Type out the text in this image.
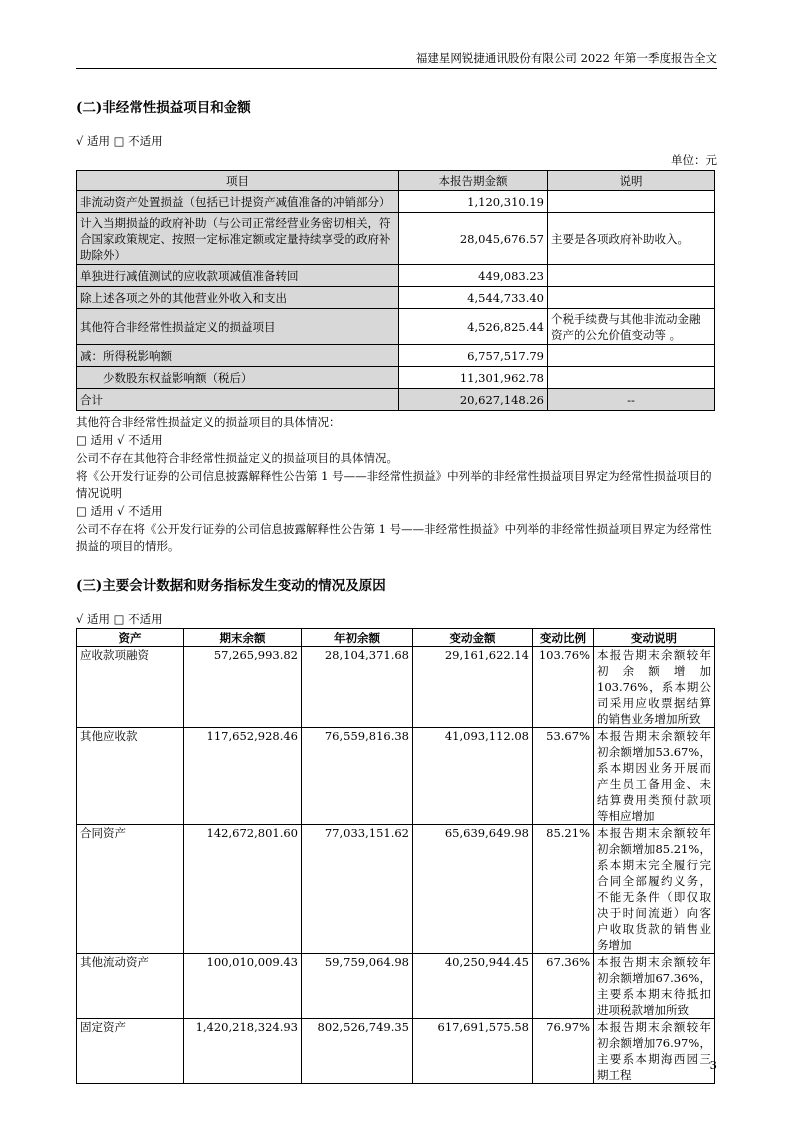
福建星网锐捷通讯股份有限公司 2022 年第一季度报告全文
(二)非经常性损益项目和金额
√ 适用 □ 不适用
单位：元
项目	本报告期金额	说明
非流动资产处置损益（包括已计提资产减值准备的冲销部分）	1,120,310.19	
计入当期损益的政府补助（与公司正常经营业务密切相关，符合国家政策规定、按照一定标准定额或定量持续享受的政府补助除外）	28,045,676.57	主要是各项政府补助收入。
单独进行减值测试的应收款项减值准备转回	449,083.23	
除上述各项之外的其他营业外收入和支出	4,544,733.40	
其他符合非经常性损益定义的损益项目	4,526,825.44	个税手续费与其他非流动金融资产的公允价值变动等 。
减：所得税影响额	6,757,517.79	
少数股东权益影响额（税后）	11,301,962.78	
合计	20,627,148.26	--
其他符合非经常性损益定义的损益项目的具体情况：
□ 适用 √ 不适用
公司不存在其他符合非经常性损益定义的损益项目的具体情况。
将《公开发行证券的公司信息披露解释性公告第 1 号——非经常性损益》中列举的非经常性损益项目界定为经常性损益项目的情况说明
□ 适用 √ 不适用
公司不存在将《公开发行证券的公司信息披露解释性公告第 1 号——非经常性损益》中列举的非经常性损益项目界定为经常性损益的项目的情形。
(三)主要会计数据和财务指标发生变动的情况及原因
√ 适用 □ 不适用
资产	期末余额	年初余额	变动金额	变动比例	变动说明
应收款项融资	57,265,993.82	28,104,371.68	29,161,622.14	103.76%	本报告期末余额较年初余额增加103.76%，系本期公司采用应收票据结算的销售业务增加所致
其他应收款	117,652,928.46	76,559,816.38	41,093,112.08	53.67%	本报告期末余额较年初余额增加53.67%，系本期因业务开展而产生员工备用金、未结算费用类预付款项等相应增加
合同资产	142,672,801.60	77,033,151.62	65,639,649.98	85.21%	本报告期末余额较年初余额增加85.21%，系本期末完全履行完合同全部履约义务，不能无条件（即仅取决于时间流逝）向客户收取货款的销售业务增加
其他流动资产	100,010,009.43	59,759,064.98	40,250,944.45	67.36%	本报告期末余额较年初余额增加67.36%，主要系本期末待抵扣进项税款增加所致
固定资产	1,420,218,324.93	802,526,749.35	617,691,575.58	76.97%	本报告期末余额较年初余额增加76.97%，主要系本期海西园三期工程
3
